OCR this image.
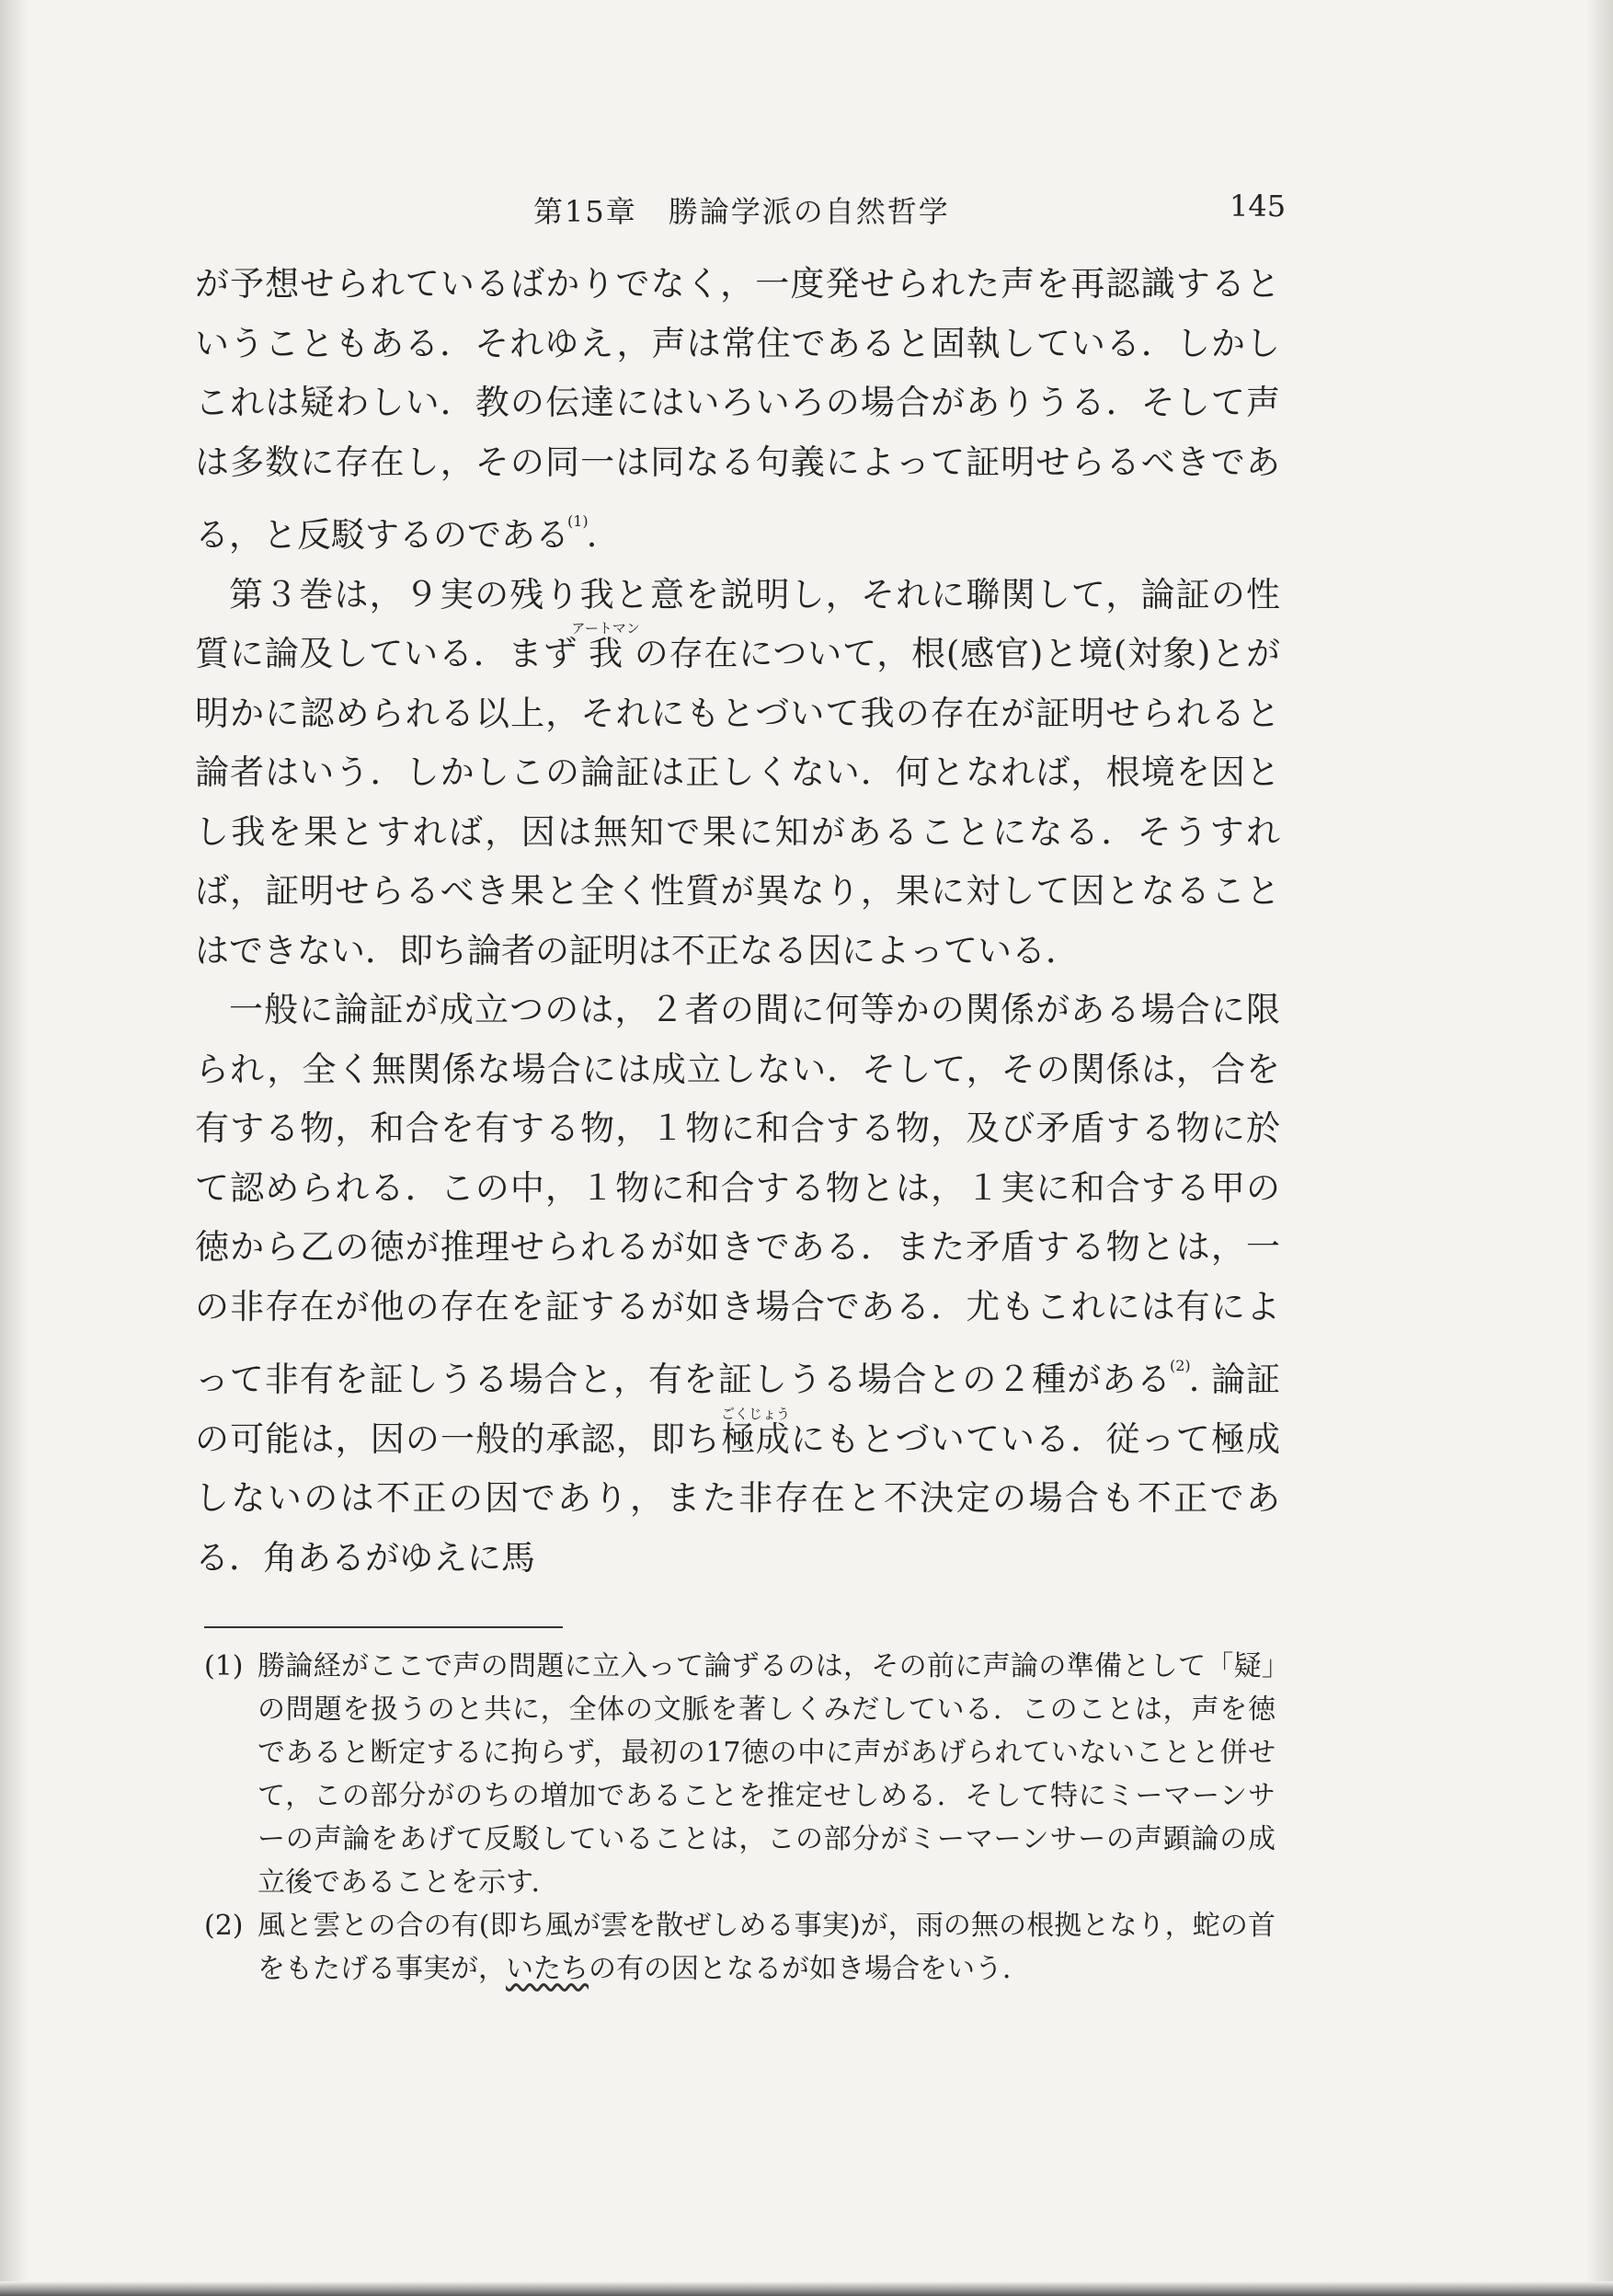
第15章　勝論学派の自然哲学	145

が予想せられているばかりでなく，一度発せられた声を再認識するということもある．それゆえ，声は常住であると固執している．しかしこれは疑わしい．教の伝達にはいろいろの場合がありうる．そして声は多数に存在し，その同一は同なる句義によって証明せらるべきである，と反駁するのである$^{(1)}$.

第３巻は，９実の残り我と意を説明し，それに聯関して，論証の性質に論及している．まず我アートマンの存在について，根(感官)と境(対象)とが明かに認められる以上，それにもとづいて我の存在が証明せられると論者はいう．しかしこの論証は正しくない．何となれば，根境を因とし我を果とすれば，因は無知で果に知があることになる．そうすれば，証明せらるべき果と全く性質が異なり，果に対して因となることはできない．即ち論者の証明は不正なる因によっている．

一般に論証が成立つのは，２者の間に何等かの関係がある場合に限られ，全く無関係な場合には成立しない．そして，その関係は，合を有する物，和合を有する物，１物に和合する物，及び矛盾する物に於て認められる．この中，１物に和合する物とは，１実に和合する甲の徳から乙の徳が推理せられるが如きである．また矛盾する物とは，一の非存在が他の存在を証するが如き場合である．尤もこれには有によって非有を証しうる場合と，有を証しうる場合との２種がある$^{(2)}$. 論証の可能は，因の一般的承認，即ち極成ごくじょうにもとづいている．従って極成しないのは不正の因であり，また非存在と不決定の場合も不正である．角あるがゆえに馬

(1) 勝論経がここで声の問題に立入って論ずるのは，その前に声論の準備として「疑」の問題を扱うのと共に，全体の文脈を著しくみだしている．このことは，声を徳であると断定するに拘らず，最初の17徳の中に声があげられていないことと併せて，この部分がのちの増加であることを推定せしめる．そして特にミーマーンサーの声論をあげて反駁していることは，この部分がミーマーンサーの声顕論の成立後であることを示す．
(2) 風と雲との合の有(即ち風が雲を散ぜしめる事実)が，雨の無の根拠となり，蛇の首をもたげる事実が，いたちの有の因となるが如き場合をいう．
